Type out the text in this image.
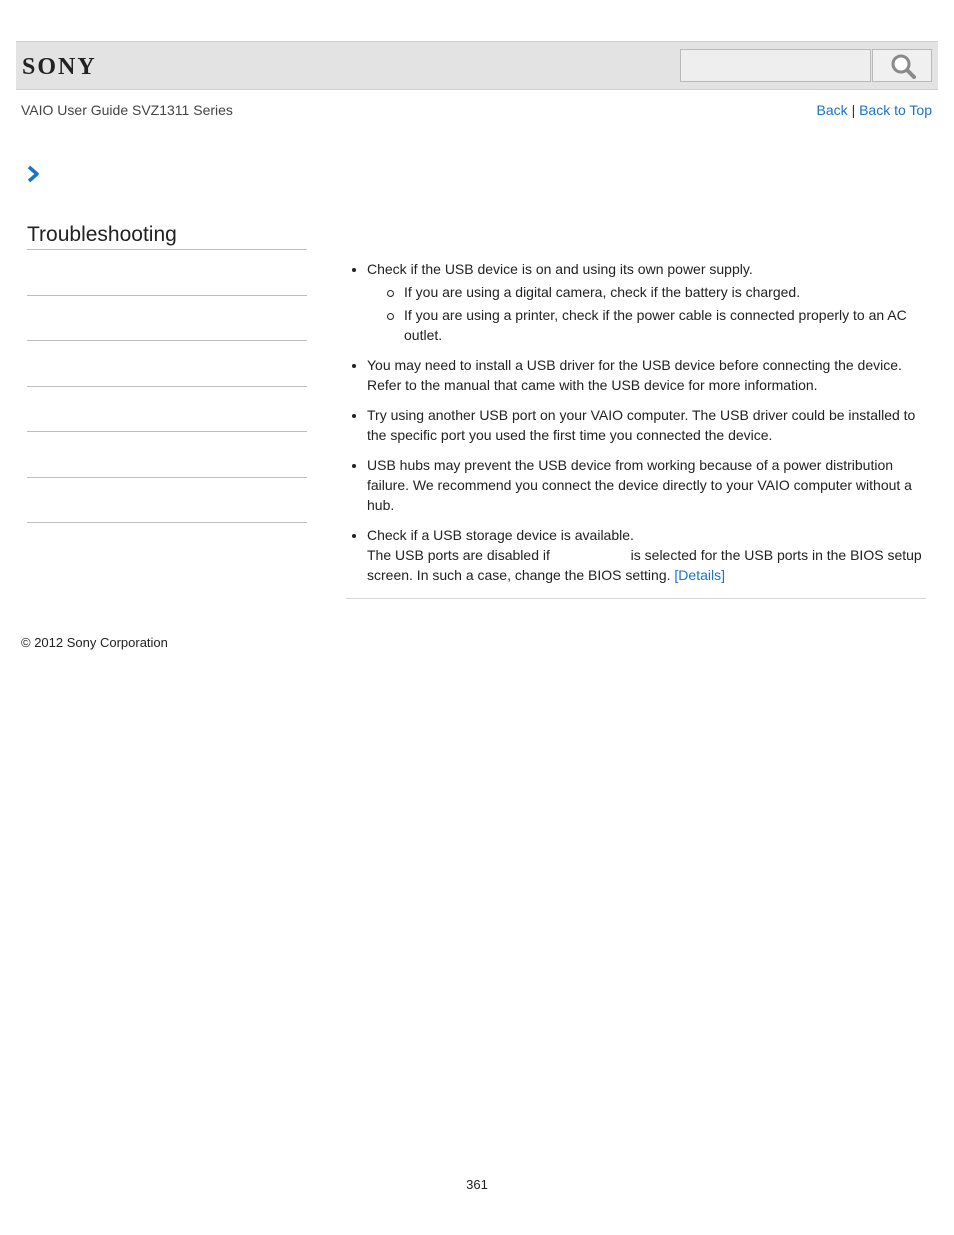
SONY
VAIO User Guide SVZ1311 Series	Back | Back to Top
Troubleshooting
Check if the USB device is on and using its own power supply.
If you are using a digital camera, check if the battery is charged.
If you are using a printer, check if the power cable is connected properly to an AC outlet.
You may need to install a USB driver for the USB device before connecting the device. Refer to the manual that came with the USB device for more information.
Try using another USB port on your VAIO computer. The USB driver could be installed to the specific port you used the first time you connected the device.
USB hubs may prevent the USB device from working because of a power distribution failure. We recommend you connect the device directly to your VAIO computer without a hub.
Check if a USB storage device is available.
The USB ports are disabled if	is selected for the USB ports in the BIOS setup screen. In such a case, change the BIOS setting. [Details]
© 2012 Sony Corporation
361
